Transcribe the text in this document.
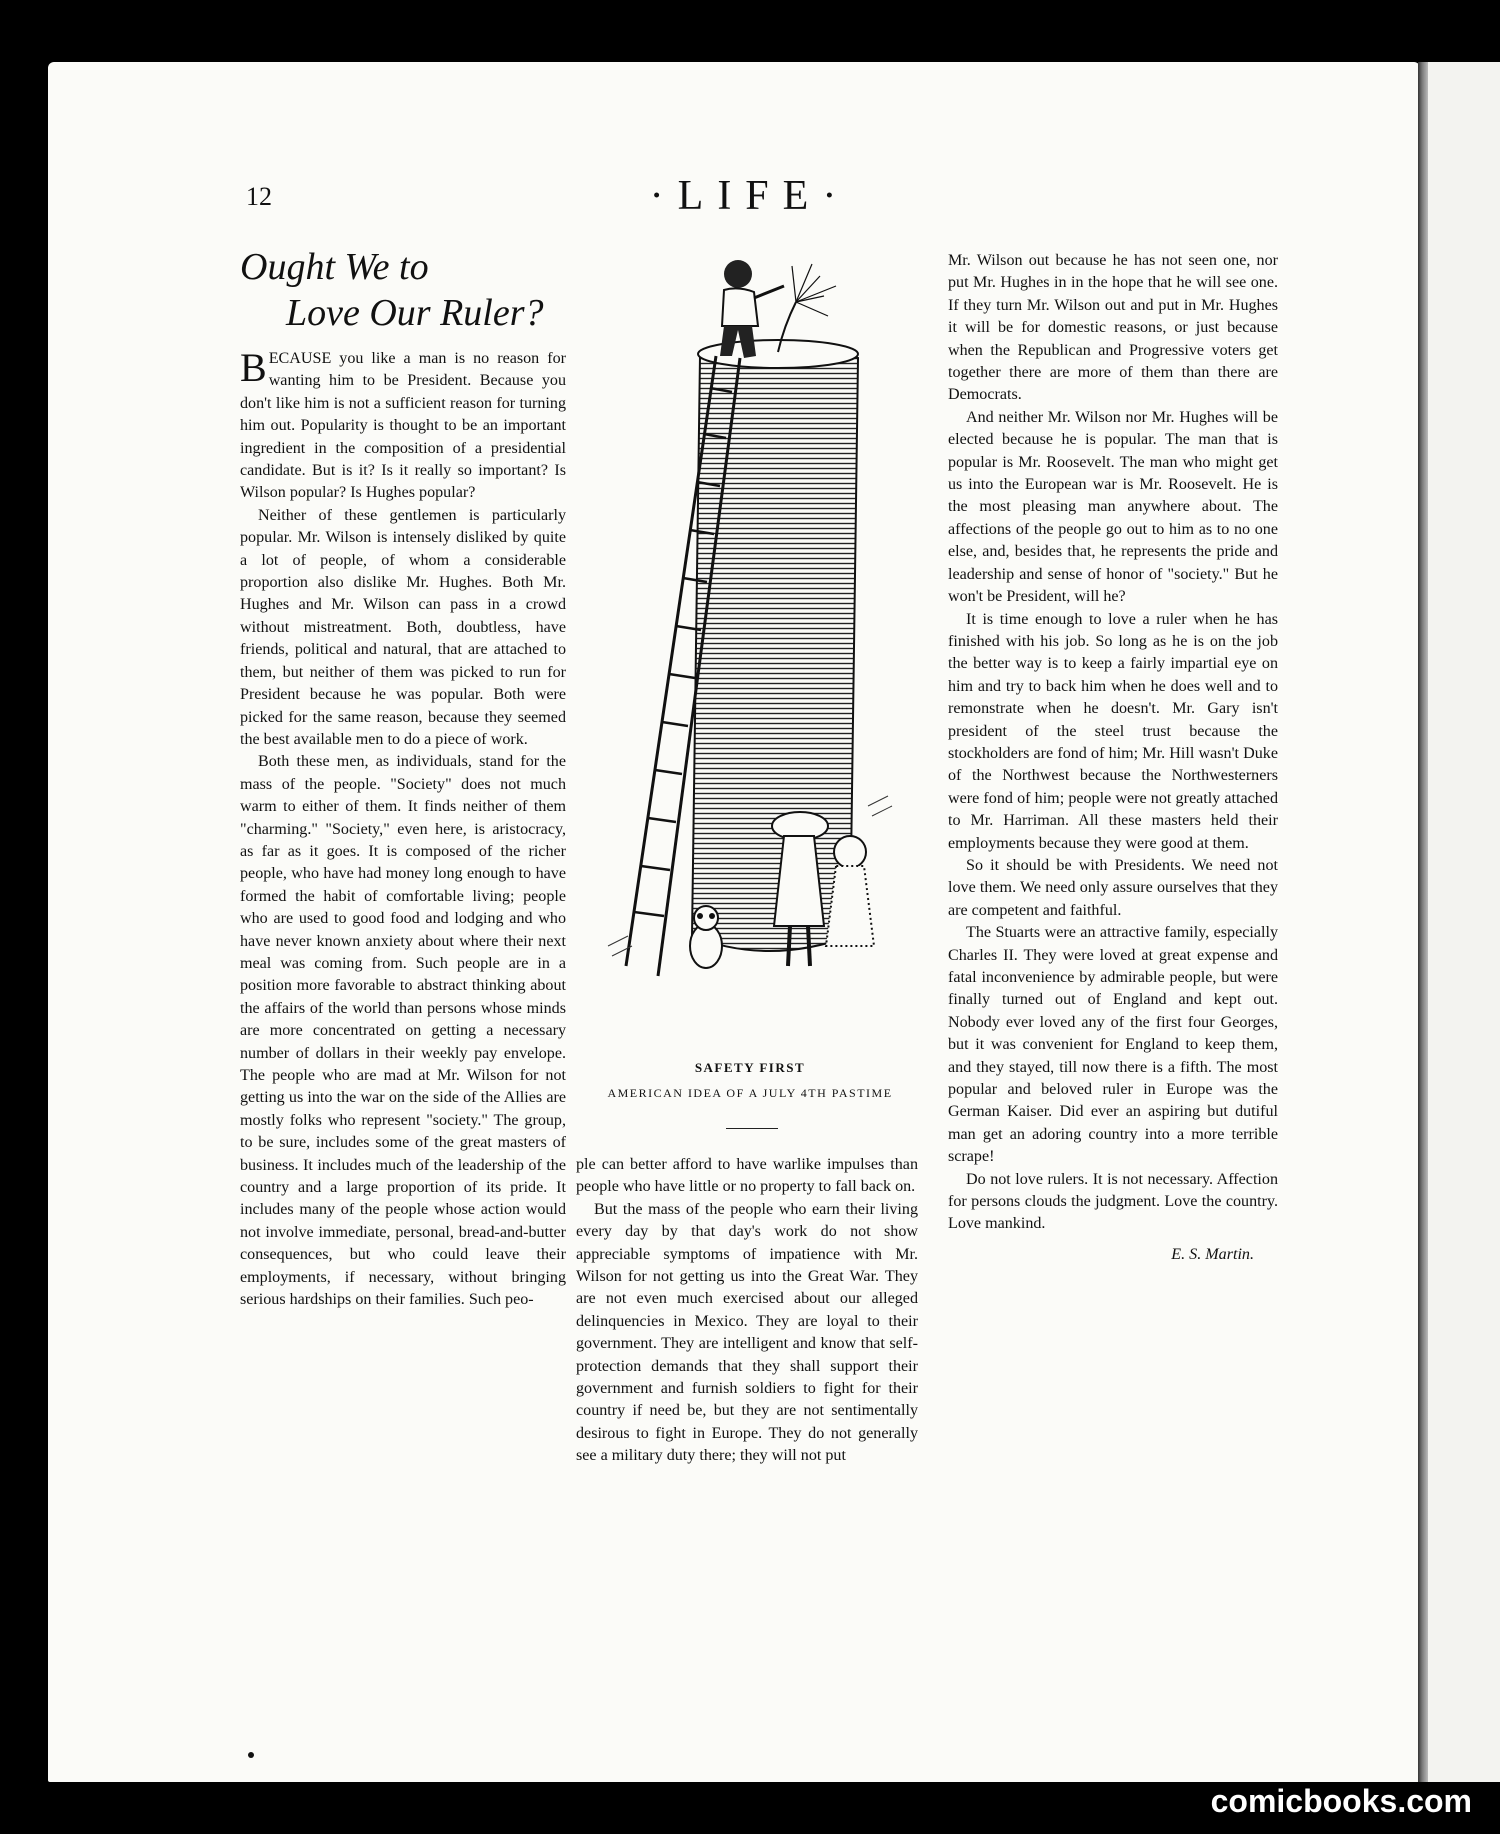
12	·LIFE·
Ought We to
Love Our Ruler?

BECAUSE you like a man is no reason for wanting him to be President. Because you don't like him is not a sufficient reason for turning him out. Popularity is thought to be an important ingredient in the composition of a presidential candidate. But is it? Is it really so important? Is Wilson popular? Is Hughes popular?

Neither of these gentlemen is particularly popular. Mr. Wilson is intensely disliked by quite a lot of people, of whom a considerable proportion also dislike Mr. Hughes. Both Mr. Hughes and Mr. Wilson can pass in a crowd without mistreatment. Both, doubtless, have friends, political and natural, that are attached to them, but neither of them was picked to run for President because he was popular. Both were picked for the same reason, because they seemed the best available men to do a piece of work.

Both these men, as individuals, stand for the mass of the people. "Society" does not much warm to either of them. It finds neither of them "charming." "Society," even here, is aristocracy, as far as it goes. It is composed of the richer people, who have had money long enough to have formed the habit of comfortable living; people who are used to good food and lodging and who have never known anxiety about where their next meal was coming from. Such people are in a position more favorable to abstract thinking about the affairs of the world than persons whose minds are more concentrated on getting a necessary number of dollars in their weekly pay envelope. The people who are mad at Mr. Wilson for not getting us into the war on the side of the Allies are mostly folks who represent "society." The group, to be sure, includes some of the great masters of business. It includes much of the leadership of the country and a large proportion of its pride. It includes many of the people whose action would not involve immediate, personal, bread-and-butter consequences, but who could leave their employments, if necessary, without bringing serious hardships on their families. Such peo-

SAFETY FIRST
AMERICAN IDEA OF A JULY 4TH PASTIME

ple can better afford to have warlike impulses than people who have little or no property to fall back on.

But the mass of the people who earn their living every day by that day's work do not show appreciable symptoms of impatience with Mr. Wilson for not getting us into the Great War. They are not even much exercised about our alleged delinquencies in Mexico. They are loyal to their government. They are intelligent and know that self-protection demands that they shall support their government and furnish soldiers to fight for their country if need be, but they are not sentimentally desirous to fight in Europe. They do not generally see a military duty there; they will not put

Mr. Wilson out because he has not seen one, nor put Mr. Hughes in in the hope that he will see one. If they turn Mr. Wilson out and put in Mr. Hughes it will be for domestic reasons, or just because when the Republican and Progressive voters get together there are more of them than there are Democrats.

And neither Mr. Wilson nor Mr. Hughes will be elected because he is popular. The man that is popular is Mr. Roosevelt. The man who might get us into the European war is Mr. Roosevelt. He is the most pleasing man anywhere about. The affections of the people go out to him as to no one else, and, besides that, he represents the pride and leadership and sense of honor of "society." But he won't be President, will he?

It is time enough to love a ruler when he has finished with his job. So long as he is on the job the better way is to keep a fairly impartial eye on him and try to back him when he does well and to remonstrate when he doesn't. Mr. Gary isn't president of the steel trust because the stockholders are fond of him; Mr. Hill wasn't Duke of the Northwest because the Northwesterners were fond of him; people were not greatly attached to Mr. Harriman. All these masters held their employments because they were good at them.

So it should be with Presidents. We need not love them. We need only assure ourselves that they are competent and faithful.

The Stuarts were an attractive family, especially Charles II. They were loved at great expense and fatal inconvenience by admirable people, but were finally turned out of England and kept out. Nobody ever loved any of the first four Georges, but it was convenient for England to keep them, and they stayed, till now there is a fifth. The most popular and beloved ruler in Europe was the German Kaiser. Did ever an aspiring but dutiful man get an adoring country into a more terrible scrape!

Do not love rulers. It is not necessary. Affection for persons clouds the judgment. Love the country. Love mankind.

E. S. Martin.
comicbooks.com
